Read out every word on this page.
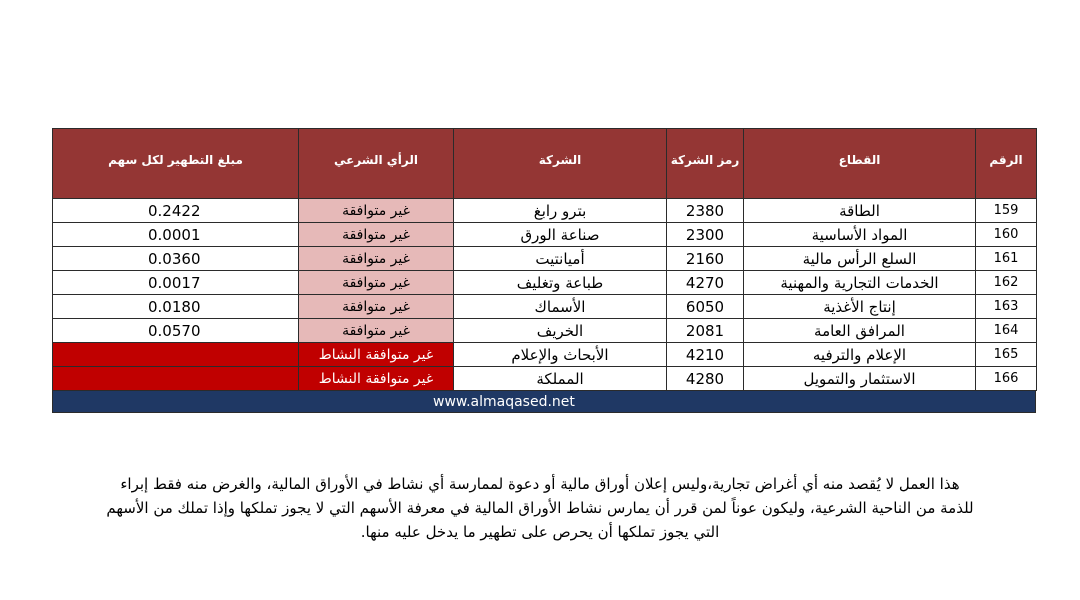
مبلغ التطهير لكل سهم	الرأي الشرعي	الشركة	رمز الشركة	القطاع	الرقم
0.2422	غير متوافقة	بترو رابغ	2380	الطاقة	159
0.0001	غير متوافقة	صناعة الورق	2300	المواد الأساسية	160
0.0360	غير متوافقة	أميانتيت	2160	السلع الرأس مالية	161
0.0017	غير متوافقة	طباعة وتغليف	4270	الخدمات التجارية والمهنية	162
0.0180	غير متوافقة	الأسماك	6050	إنتاج الأغذية	163
0.0570	غير متوافقة	الخريف	2081	المرافق العامة	164
	غير متوافقة النشاط	الأبحاث والإعلام	4210	الإعلام والترفيه	165
	غير متوافقة النشاط	المملكة	4280	الاستثمار والتمويل	166
www.almaqased.net

هذا العمل لا يُقصد منه أي أغراض تجارية،وليس إعلان أوراق مالية أو دعوة لممارسة أي نشاط في الأوراق المالية، والغرض منه فقط إبراء

للذمة من الناحية الشرعية، وليكون عوناً لمن قرر أن يمارس نشاط الأوراق المالية في معرفة الأسهم التي لا يجوز تملكها وإذا تملك من الأسهم

التي يجوز تملكها أن يحرص على تطهير ما يدخل عليه منها.
